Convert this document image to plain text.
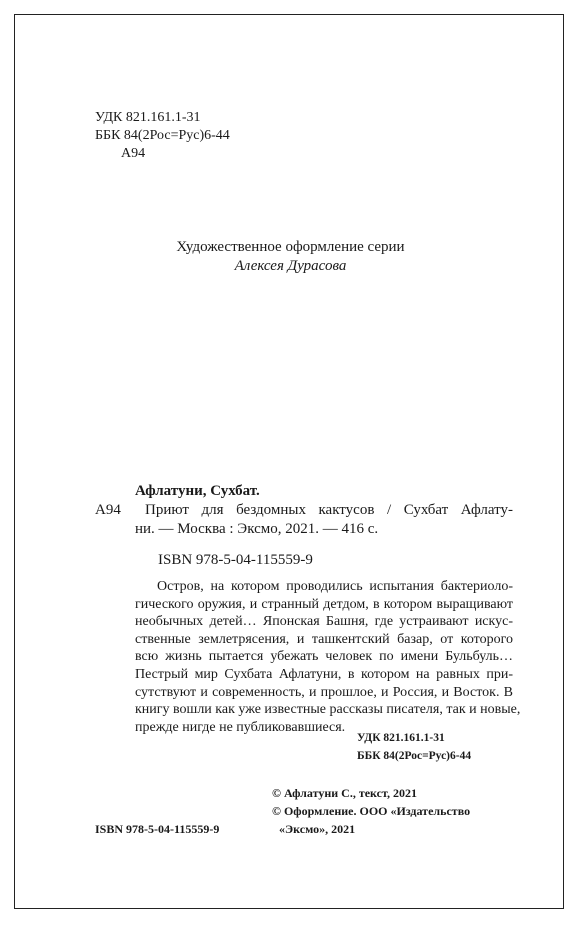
УДК 821.161.1-31
ББК 84(2Рос=Рус)6-44
А94
Художественное оформление серии
Алексея Дурасова
Афлатуни, Сухбат.
А94	Приют для бездомных кактусов / Сухбат Афлату-
ни. — Москва : Эксмо, 2021. — 416 с.
ISBN 978-5-04-115559-9
Остров, на котором проводились испытания бактериоло-
гического оружия, и странный детдом, в котором выращивают
необычных детей… Японская Башня, где устраивают искус-
ственные землетрясения, и ташкентский базар, от которого
всю жизнь пытается убежать человек по имени Бульбуль…
Пестрый мир Сухбата Афлатуни, в котором на равных при-
сутствуют и современность, и прошлое, и Россия, и Восток. В
книгу вошли как уже известные рассказы писателя, так и новые,
прежде нигде не публиковавшиеся.
УДК 821.161.1-31
ББК 84(2Рос=Рус)6-44
© Афлатуни С., текст, 2021
© Оформление. ООО «Издательство
«Эксмо», 2021
ISBN 978-5-04-115559-9
